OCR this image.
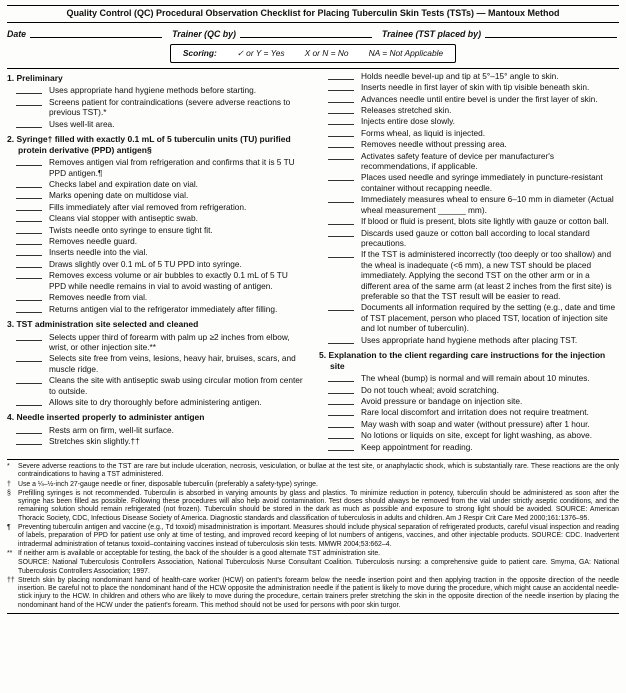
Quality Control (QC) Procedural Observation Checklist for Placing Tuberculin Skin Tests (TSTs) — Mantoux Method
Date	Trainer (QC by)	Trainee (TST placed by)
Scoring: ✓ or Y = Yes X or N = No NA = Not Applicable
1. Preliminary
Uses appropriate hand hygiene methods before starting.
Screens patient for contraindications (severe adverse reactions to previous TST).*
Uses well-lit area.
2. Syringe† filled with exactly 0.1 mL of 5 tuberculin units (TU) purified protein derivative (PPD) antigen§
Removes antigen vial from refrigeration and confirms that it is 5 TU PPD antigen.¶
Checks label and expiration date on vial.
Marks opening date on multidose vial.
Fills immediately after vial removed from refrigeration.
Cleans vial stopper with antiseptic swab.
Twists needle onto syringe to ensure tight fit.
Removes needle guard.
Inserts needle into the vial.
Draws slightly over 0.1 mL of 5 TU PPD into syringe.
Removes excess volume or air bubbles to exactly 0.1 mL of 5 TU PPD while needle remains in vial to avoid wasting of antigen.
Removes needle from vial.
Returns antigen vial to the refrigerator immediately after filling.
3. TST administration site selected and cleaned
Selects upper third of forearm with palm up ≥2 inches from elbow, wrist, or other injection site.**
Selects site free from veins, lesions, heavy hair, bruises, scars, and muscle ridge.
Cleans the site with antiseptic swab using circular motion from center to outside.
Allows site to dry thoroughly before administering antigen.
4. Needle inserted properly to administer antigen
Rests arm on firm, well-lit surface.
Stretches skin slightly.††
Holds needle bevel-up and tip at 5°–15° angle to skin.
Inserts needle in first layer of skin with tip visible beneath skin.
Advances needle until entire bevel is under the first layer of skin.
Releases stretched skin.
Injects entire dose slowly.
Forms wheal, as liquid is injected.
Removes needle without pressing area.
Activates safety feature of device per manufacturer's recommendations, if applicable.
Places used needle and syringe immediately in puncture-resistant container without recapping needle.
Immediately measures wheal to ensure 6–10 mm in diameter (Actual wheal measurement ______ mm).
If blood or fluid is present, blots site lightly with gauze or cotton ball.
Discards used gauze or cotton ball according to local standard precautions.
If the TST is administered incorrectly (too deeply or too shallow) and the wheal is inadequate (<6 mm), a new TST should be placed immediately. Applying the second TST on the other arm or in a different area of the same arm (at least 2 inches from the first site) is preferable so that the TST result will be easier to read.
Documents all information required by the setting (e.g., date and time of TST placement, person who placed TST, location of injection site and lot number of tuberculin).
Uses appropriate hand hygiene methods after placing TST.
5. Explanation to the client regarding care instructions for the injection site
The wheal (bump) is normal and will remain about 10 minutes.
Do not touch wheal; avoid scratching.
Avoid pressure or bandage on injection site.
Rare local discomfort and irritation does not require treatment.
May wash with soap and water (without pressure) after 1 hour.
No lotions or liquids on site, except for light washing, as above.
Keep appointment for reading.
*	Severe adverse reactions to the TST are rare but include ulceration, necrosis, vesiculation, or bullae at the test site, or anaphylactic shock, which is substantially rare. These reactions are the only contraindications to having a TST administered.
†	Use a ¼–½-inch 27-gauge needle or finer, disposable tuberculin (preferably a safety-type) syringe.
§	Prefilling syringes is not recommended. Tuberculin is absorbed in varying amounts by glass and plastics. To minimize reduction in potency, tuberculin should be administered as soon after the syringe has been filled as possible. Following these procedures will also help avoid contamination. Test doses should always be removed from the vial under strictly aseptic conditions, and the remaining solution should remain refrigerated (not frozen). Tuberculin should be stored in the dark as much as possible and exposure to strong light should be avoided. SOURCE: American Thoracic Society, CDC, Infectious Disease Society of America. Diagnostic standards and classification of tuberculosis in adults and children. Am J Respir Crit Care Med 2000;161:1376–95.
¶	Preventing tuberculin antigen and vaccine (e.g., Td toxoid) misadministration is important. Measures should include physical separation of refrigerated products, careful visual inspection and reading of labels, preparation of PPD for patient use only at time of testing, and improved record keeping of lot numbers of antigens, vaccines, and other injectable products. SOURCE: CDC. Inadvertent intradermal administration of tetanus toxoid–containing vaccines instead of tuberculosis skin tests. MMWR 2004;53:662–4.
** If neither arm is available or acceptable for testing, the back of the shoulder is a good alternate TST administration site.
SOURCE: National Tuberculosis Controllers Association, National Tuberculosis Nurse Consultant Coalition. Tuberculosis nursing: a comprehensive guide to patient care. Smyrna, GA: National Tuberculosis Controllers Association; 1997.
†† Stretch skin by placing nondominant hand of health-care worker (HCW) on patient's forearm below the needle insertion point and then applying traction in the opposite direction of the needle insertion. Be careful not to place the nondominant hand of the HCW opposite the administration needle if the patient is likely to move during the procedure, which might cause an accidental needle-stick injury to the HCW. In children and others who are likely to move during the procedure, certain trainers prefer stretching the skin in the opposite direction of the needle insertion by placing the nondominant hand of the HCW under the patient's forearm. This method should not be used for persons with poor skin turgor.
